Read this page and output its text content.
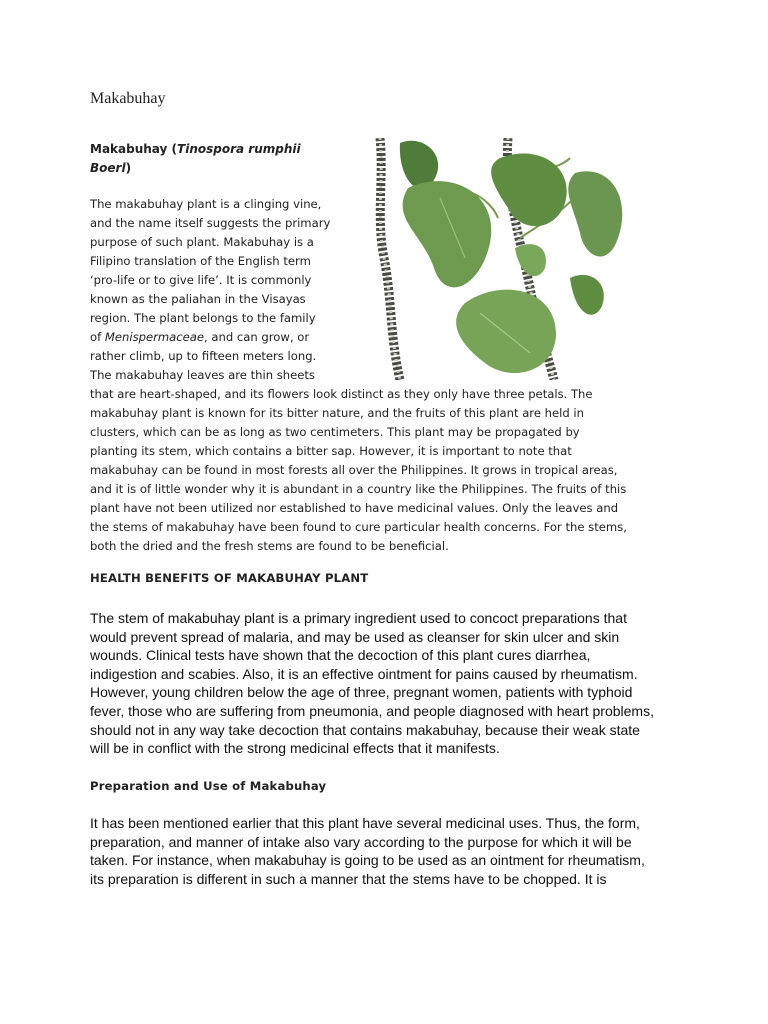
Makabuhay
Makabuhay (Tinospora rumphii
Boerl)
The makabuhay plant is a clinging vine,
and the name itself suggests the primary
purpose of such plant. Makabuhay is a
Filipino translation of the English term
‘pro-life or to give life’. It is commonly
known as the paliahan in the Visayas
region. The plant belongs to the family
of Menispermaceae, and can grow, or
rather climb, up to fifteen meters long.
The makabuhay leaves are thin sheets
that are heart-shaped, and its flowers look distinct as they only have three petals. The
makabuhay plant is known for its bitter nature, and the fruits of this plant are held in
clusters, which can be as long as two centimeters. This plant may be propagated by
planting its stem, which contains a bitter sap. However, it is important to note that
makabuhay can be found in most forests all over the Philippines. It grows in tropical areas,
and it is of little wonder why it is abundant in a country like the Philippines. The fruits of this
plant have not been utilized nor established to have medicinal values. Only the leaves and
the stems of makabuhay have been found to cure particular health concerns. For the stems,
both the dried and the fresh stems are found to be beneficial.
HEALTH BENEFITS OF MAKABUHAY PLANT
The stem of makabuhay plant is a primary ingredient used to concoct preparations that
would prevent spread of malaria, and may be used as cleanser for skin ulcer and skin
wounds. Clinical tests have shown that the decoction of this plant cures diarrhea,
indigestion and scabies. Also, it is an effective ointment for pains caused by rheumatism.
However, young children below the age of three, pregnant women, patients with typhoid
fever, those who are suffering from pneumonia, and people diagnosed with heart problems,
should not in any way take decoction that contains makabuhay, because their weak state
will be in conflict with the strong medicinal effects that it manifests.
Preparation and Use of Makabuhay
It has been mentioned earlier that this plant have several medicinal uses. Thus, the form,
preparation, and manner of intake also vary according to the purpose for which it will be
taken. For instance, when makabuhay is going to be used as an ointment for rheumatism,
its preparation is different in such a manner that the stems have to be chopped. It is
